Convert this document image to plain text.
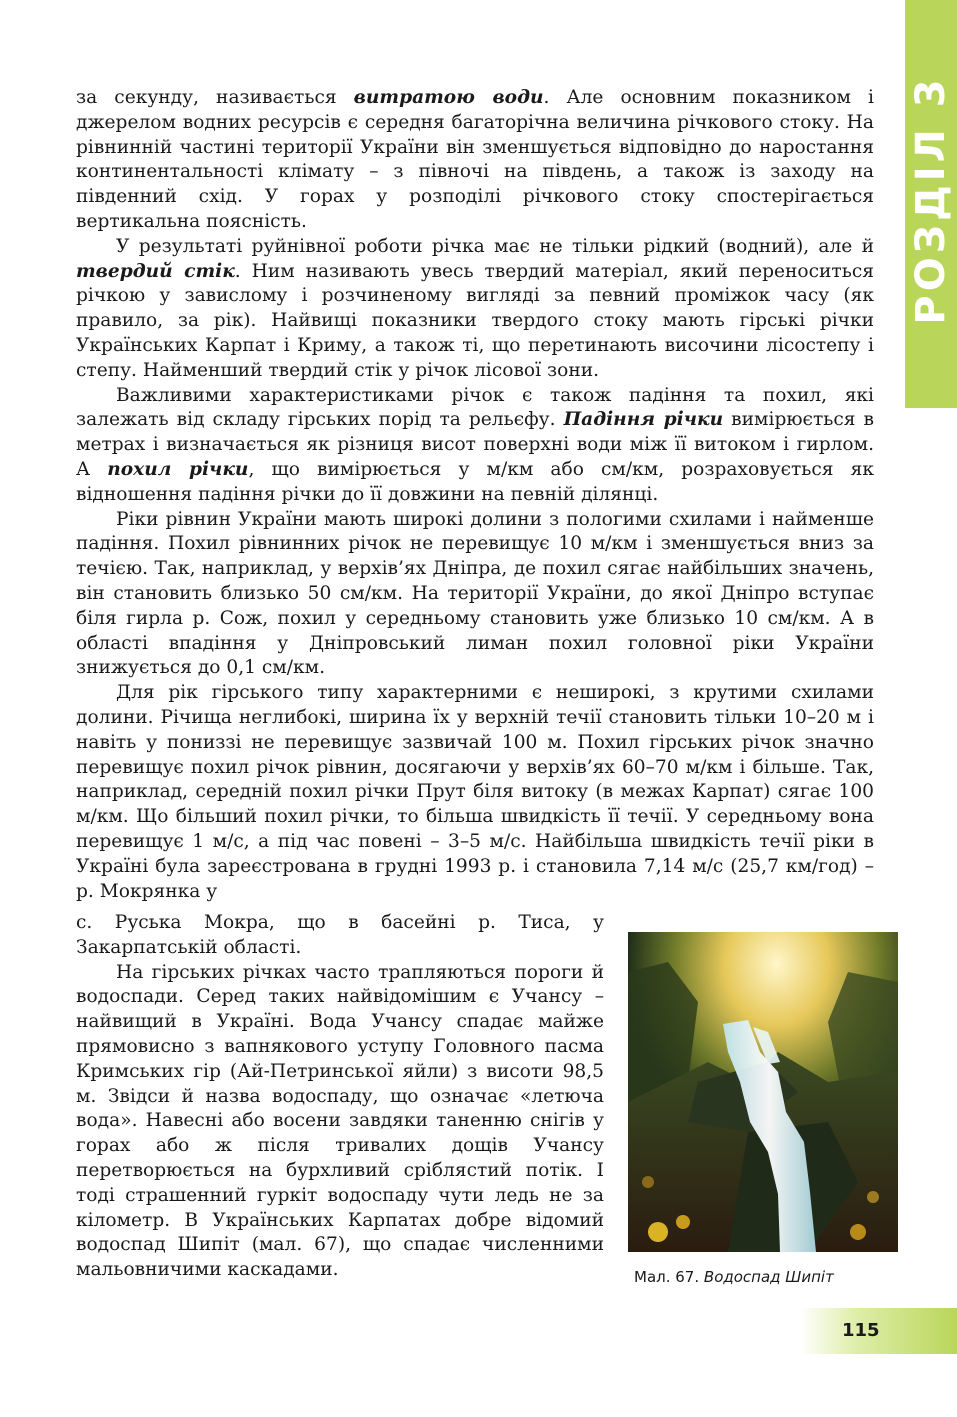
РОЗДІЛ 3

за секунду, називається витратою води. Але основним показником і джерелом водних ресурсів є середня багаторічна величина річкового стоку. На рівнинній частині території України він зменшується відповідно до наростання континентальності клімату – з півночі на південь, а також із заходу на південний схід. У горах у розподілі річкового стоку спостерігається вертикальна поясність.

У результаті руйнівної роботи річка має не тільки рідкий (водний), але й твердий стік. Ним називають увесь твердий матеріал, який переноситься річкою у завислому і розчиненому вигляді за певний проміжок часу (як правило, за рік). Найвищі показники твердого стоку мають гірські річки Українських Карпат і Криму, а також ті, що перетинають височини лісостепу і степу. Найменший твердий стік у річок лісової зони.

Важливими характеристиками річок є також падіння та похил, які залежать від складу гірських порід та рельєфу. Падіння річки вимірюється в метрах і визначається як різниця висот поверхні води між її витоком і гирлом. А похил річки, що вимірюється у м/км або см/км, розраховується як відношення падіння річки до її довжини на певній ділянці.

Ріки рівнин України мають широкі долини з пологими схилами і найменше падіння. Похил рівнинних річок не перевищує 10 м/км і зменшується вниз за течією. Так, наприклад, у верхів’ях Дніпра, де похил сягає найбільших значень, він становить близько 50 см/км. На території України, до якої Дніпро вступає біля гирла р. Сож, похил у середньому становить уже близько 10 см/км. А в області впадіння у Дніпровський лиман похил головної ріки України знижується до 0,1 см/км.

Для рік гірського типу характерними є неширокі, з крутими схилами долини. Річища неглибокі, ширина їх у верхній течії становить тільки 10–20 м і навіть у пониззі не перевищує зазвичай 100 м. Похил гірських річок значно перевищує похил річок рівнин, досягаючи у верхів’ях 60–70 м/км і більше. Так, наприклад, середній похил річки Прут біля витоку (в межах Карпат) сягає 100 м/км. Що більший похил річки, то більша швидкість її течії. У середньому вона перевищує 1 м/с, а під час повені – 3–5 м/с. Найбільша швидкість течії ріки в Україні була зареєстрована в грудні 1993 р. і становила 7,14 м/с (25,7 км/год) – р. Мокрянка у

с. Руська Мокра, що в басейні р. Тиса, у Закарпатській області.

На гірських річках часто трапляються пороги й водоспади. Серед таких найвідомішим є Учансу – найвищий в Україні. Вода Учансу спадає майже прямовисно з вапнякового уступу Головного пасма Кримських гір (Ай-Петринської яйли) з висоти 98,5 м. Звідси й назва водоспаду, що означає «летюча вода». Навесні або восени завдяки таненню снігів у горах або ж після тривалих дощів Учансу перетворюється на бурхливий сріблястий потік. І тоді страшенний гуркіт водоспаду чути ледь не за кілометр. В Українських Карпатах добре відомий водоспад Шипіт (мал. 67), що спадає численними мальовничими каскадами.	Мал. 67. Водоспад Шипіт
115
